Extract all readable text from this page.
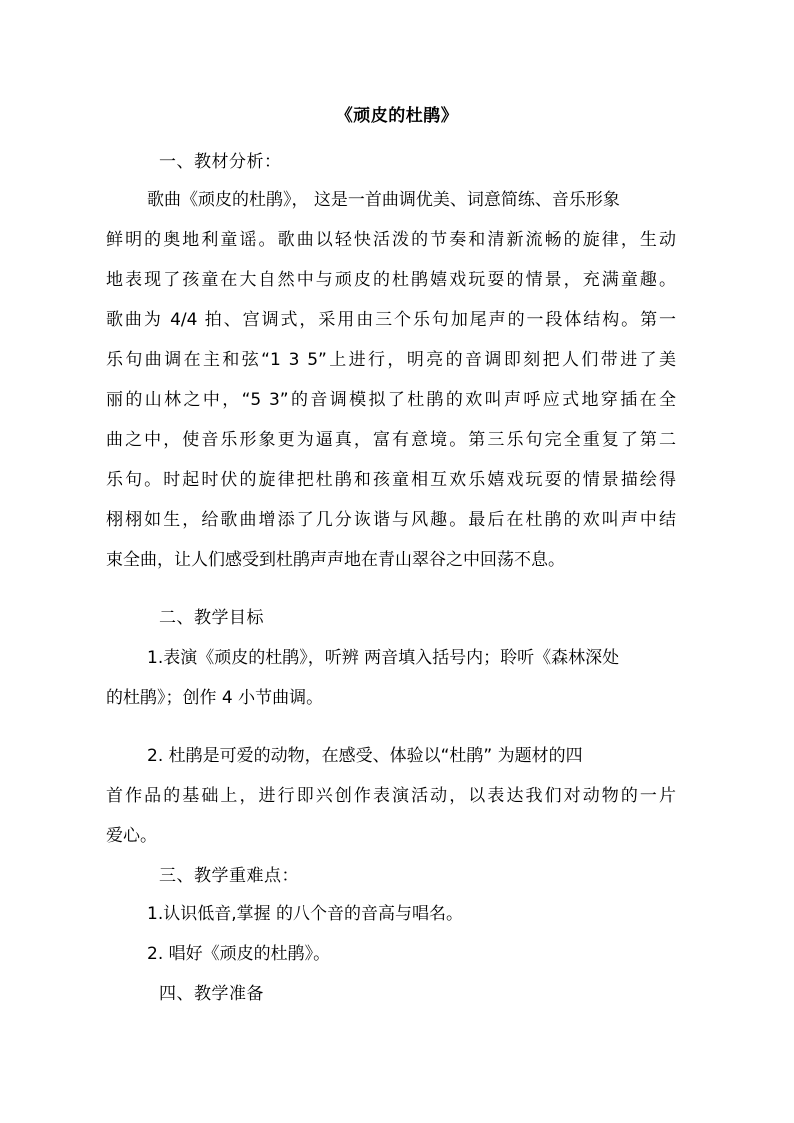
《顽皮的杜鹃》
一、教材分析：
歌曲《顽皮的杜鹃》， 这是一首曲调优美、词意简练、音乐形象
鲜明的奥地利童谣。歌曲以轻快活泼的节奏和清新流畅的旋律，生动
地表现了孩童在大自然中与顽皮的杜鹃嬉戏玩耍的情景，充满童趣。
歌曲为 4/4 拍、宫调式，采用由三个乐句加尾声的一段体结构。第一
乐句曲调在主和弦“1 3 5”上进行，明亮的音调即刻把人们带进了美
丽的山林之中，“5 3”的音调模拟了杜鹃的欢叫声呼应式地穿插在全
曲之中，使音乐形象更为逼真，富有意境。第三乐句完全重复了第二
乐句。时起时伏的旋律把杜鹃和孩童相互欢乐嬉戏玩耍的情景描绘得
栩栩如生，给歌曲增添了几分诙谐与风趣。最后在杜鹃的欢叫声中结
束全曲，让人们感受到杜鹃声声地在青山翠谷之中回荡不息。
二、教学目标
1.表演《顽皮的杜鹃》，听辨 两音填入括号内；聆听《森林深处
的杜鹃》；创作 4 小节曲调。
2. 杜鹃是可爱的动物，在感受、体验以“杜鹃” 为题材的四
首作品的基础上，进行即兴创作表演活动，以表达我们对动物的一片
爱心。
三、教学重难点：
1.认识低音,掌握 的八个音的音高与唱名。
2. 唱好《顽皮的杜鹃》。
四、教学准备
